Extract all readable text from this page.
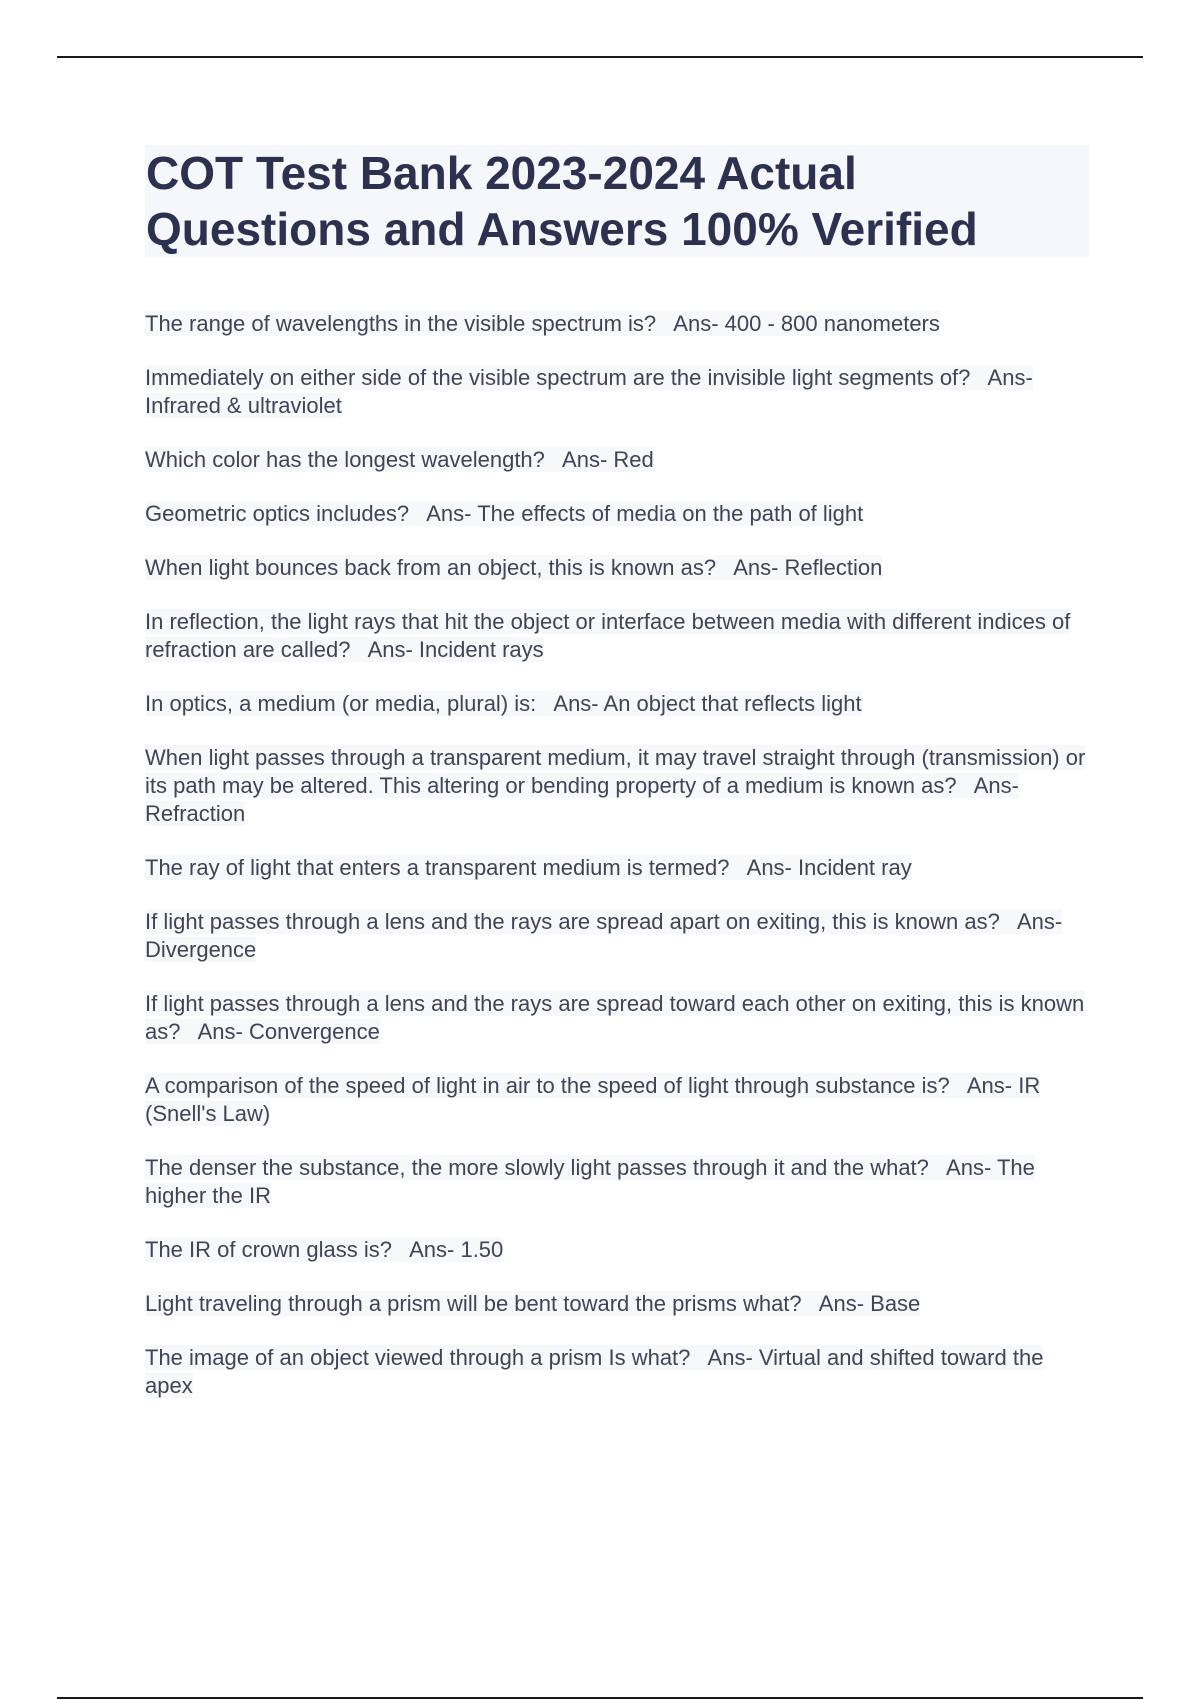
COT Test Bank 2023-2024 Actual
Questions and Answers 100% Verified
The range of wavelengths in the visible spectrum is? Ans- 400 - 800 nanometers
Immediately on either side of the visible spectrum are the invisible light segments of? Ans- Infrared & ultraviolet
Which color has the longest wavelength? Ans- Red
Geometric optics includes? Ans- The effects of media on the path of light
When light bounces back from an object, this is known as? Ans- Reflection
In reflection, the light rays that hit the object or interface between media with different indices of refraction are called? Ans- Incident rays
In optics, a medium (or media, plural) is: Ans- An object that reflects light
When light passes through a transparent medium, it may travel straight through (transmission) or its path may be altered. This altering or bending property of a medium is known as? Ans- Refraction
The ray of light that enters a transparent medium is termed? Ans- Incident ray
If light passes through a lens and the rays are spread apart on exiting, this is known as? Ans- Divergence
If light passes through a lens and the rays are spread toward each other on exiting, this is known as? Ans- Convergence
A comparison of the speed of light in air to the speed of light through substance is? Ans- IR (Snell's Law)
The denser the substance, the more slowly light passes through it and the what? Ans- The higher the IR
The IR of crown glass is? Ans- 1.50
Light traveling through a prism will be bent toward the prisms what? Ans- Base
The image of an object viewed through a prism Is what? Ans- Virtual and shifted toward the apex
